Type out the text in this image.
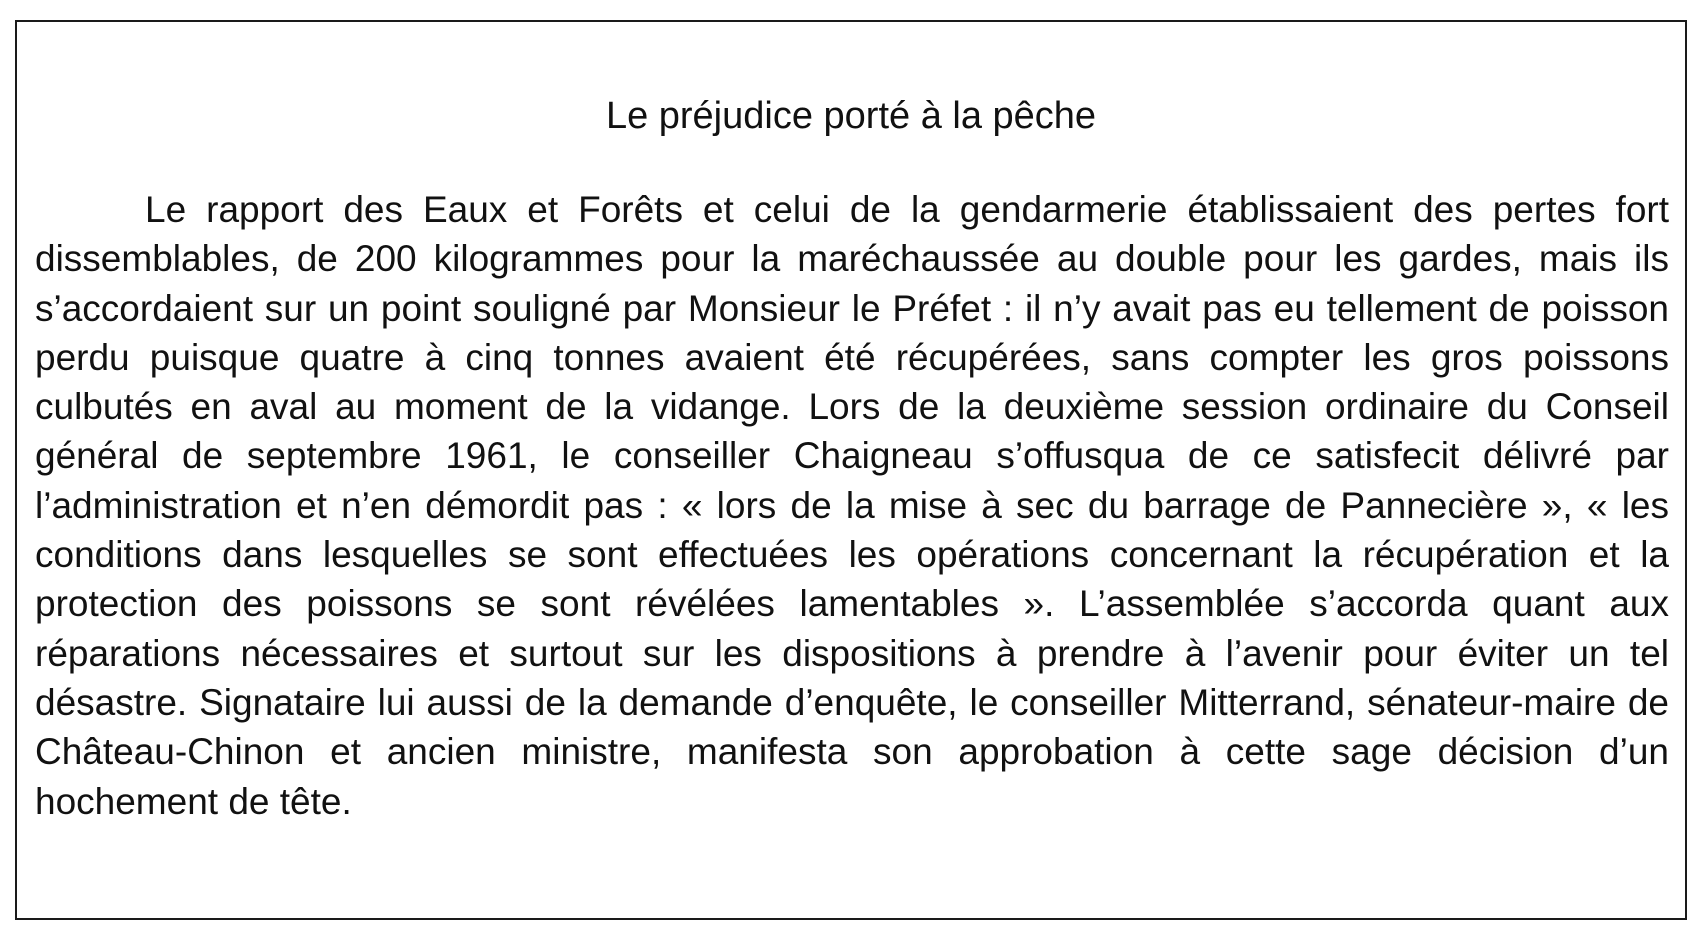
Le préjudice porté à la pêche

Le rapport des Eaux et Forêts et celui de la gendarmerie établissaient des pertes fort dissemblables, de 200 kilogrammes pour la maréchaussée au double pour les gardes, mais ils s’accordaient sur un point souligné par Monsieur le Préfet : il n’y avait pas eu tellement de poisson perdu puisque quatre à cinq tonnes avaient été récupérées, sans compter les gros poissons culbutés en aval au moment de la vidange. Lors de la deuxième session ordinaire du Conseil général de septembre 1961, le conseiller Chaigneau s’offusqua de ce satisfecit délivré par l’administration et n’en démordit pas : « lors de la mise à sec du barrage de Pannecière », « les conditions dans lesquelles se sont effectuées les opérations concernant la récupération et la protection des poissons se sont révélées lamentables ». L’assemblée s’accorda quant aux réparations nécessaires et surtout sur les dispositions à prendre à l’avenir pour éviter un tel désastre. Signataire lui aussi de la demande d’enquête, le conseiller Mitterrand, sénateur-maire de Château-Chinon et ancien ministre, manifesta son approbation à cette sage décision d’un hochement de tête.
